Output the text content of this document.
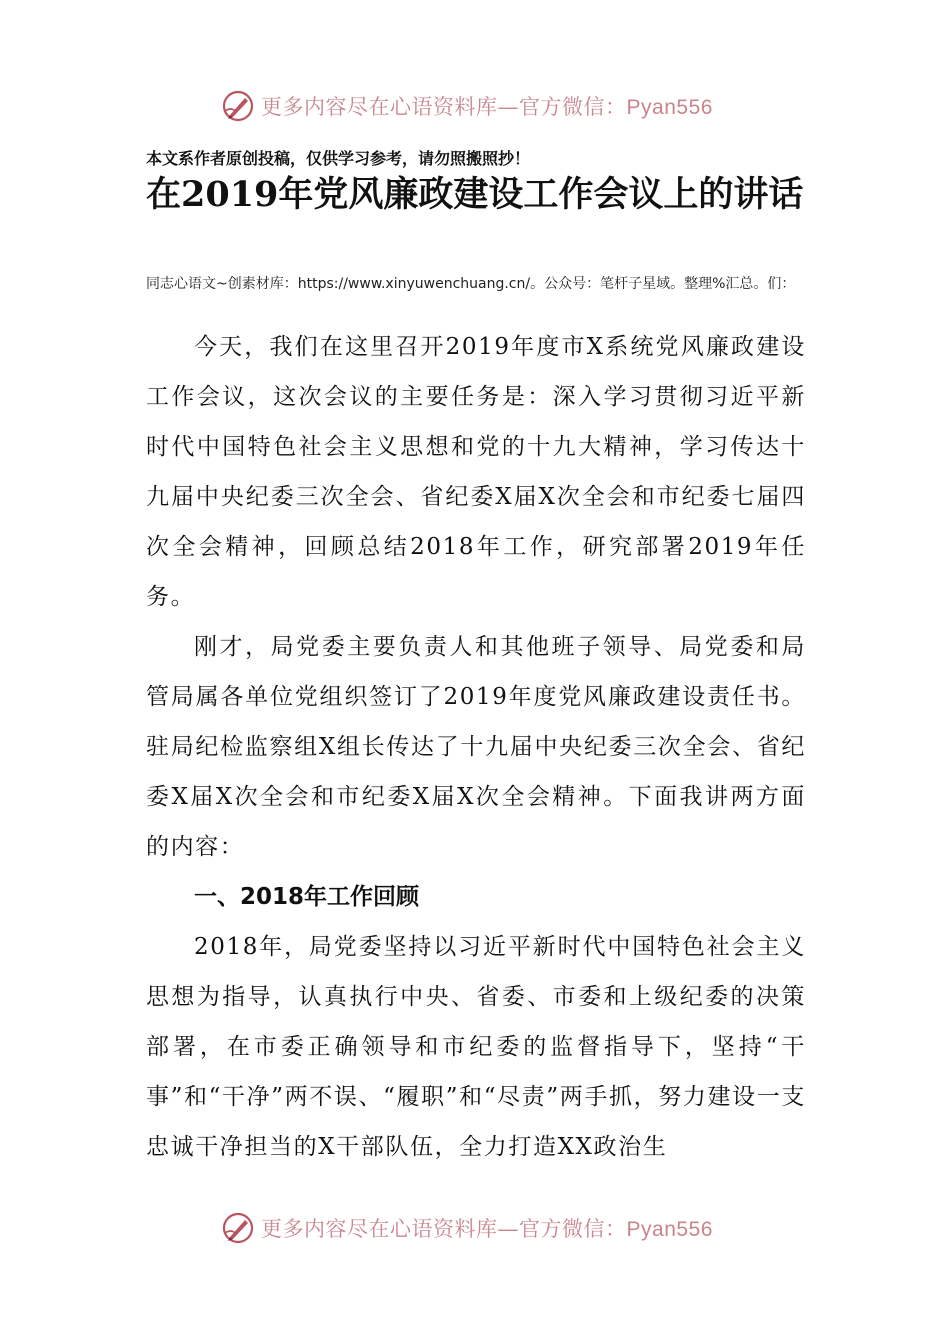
更多内容尽在心语资料库—官方微信：Pyan556
本文系作者原创投稿，仅供学习参考，请勿照搬照抄！
在2019年党风廉政建设工作会议上的讲话
同志心语文~创素材库：https://www.xinyuwenchuang.cn/。公众号：笔杆子星域。整理%汇总。们：

今天，我们在这里召开2019年度市X系统党风廉政建设工作会议，这次会议的主要任务是：深入学习贯彻习近平新时代中国特色社会主义思想和党的十九大精神，学习传达十九届中央纪委三次全会、省纪委X届X次全会和市纪委七届四次全会精神，回顾总结2018年工作，研究部署2019年任务。

刚才，局党委主要负责人和其他班子领导、局党委和局管局属各单位党组织签订了2019年度党风廉政建设责任书。驻局纪检监察组X组长传达了十九届中央纪委三次全会、省纪委X届X次全会和市纪委X届X次全会精神。下面我讲两方面的内容：

一、2018年工作回顾

2018年，局党委坚持以习近平新时代中国特色社会主义思想为指导，认真执行中央、省委、市委和上级纪委的决策部署，在市委正确领导和市纪委的监督指导下，坚持“干事”和“干净”两不误、“履职”和“尽责”两手抓，努力建设一支忠诚干净担当的X干部队伍，全力打造XX政治生

更多内容尽在心语资料库—官方微信：Pyan556
